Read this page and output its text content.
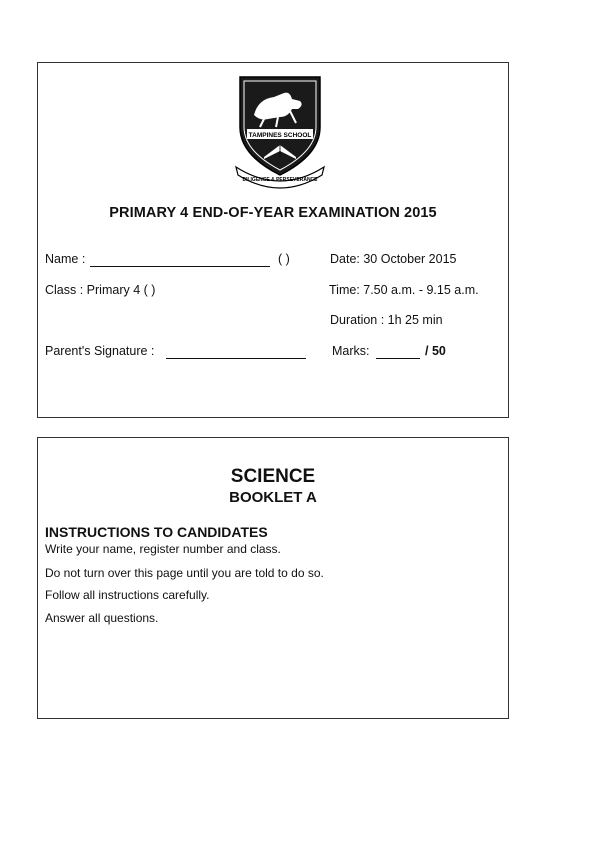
TAMPINES SCHOOL
DILIGENCE & PERSEVERANCE
PRIMARY 4 END-OF-YEAR EXAMINATION 2015
Name :	( )	Date: 30 October 2015
Class : Primary 4 ( )	Time: 7.50 a.m. - 9.15 a.m.
Duration : 1h 25 min
Parent's Signature :	Marks:	/ 50
SCIENCE
BOOKLET A
INSTRUCTIONS TO CANDIDATES
Write your name, register number and class.
Do not turn over this page until you are told to do so.
Follow all instructions carefully.
Answer all questions.
